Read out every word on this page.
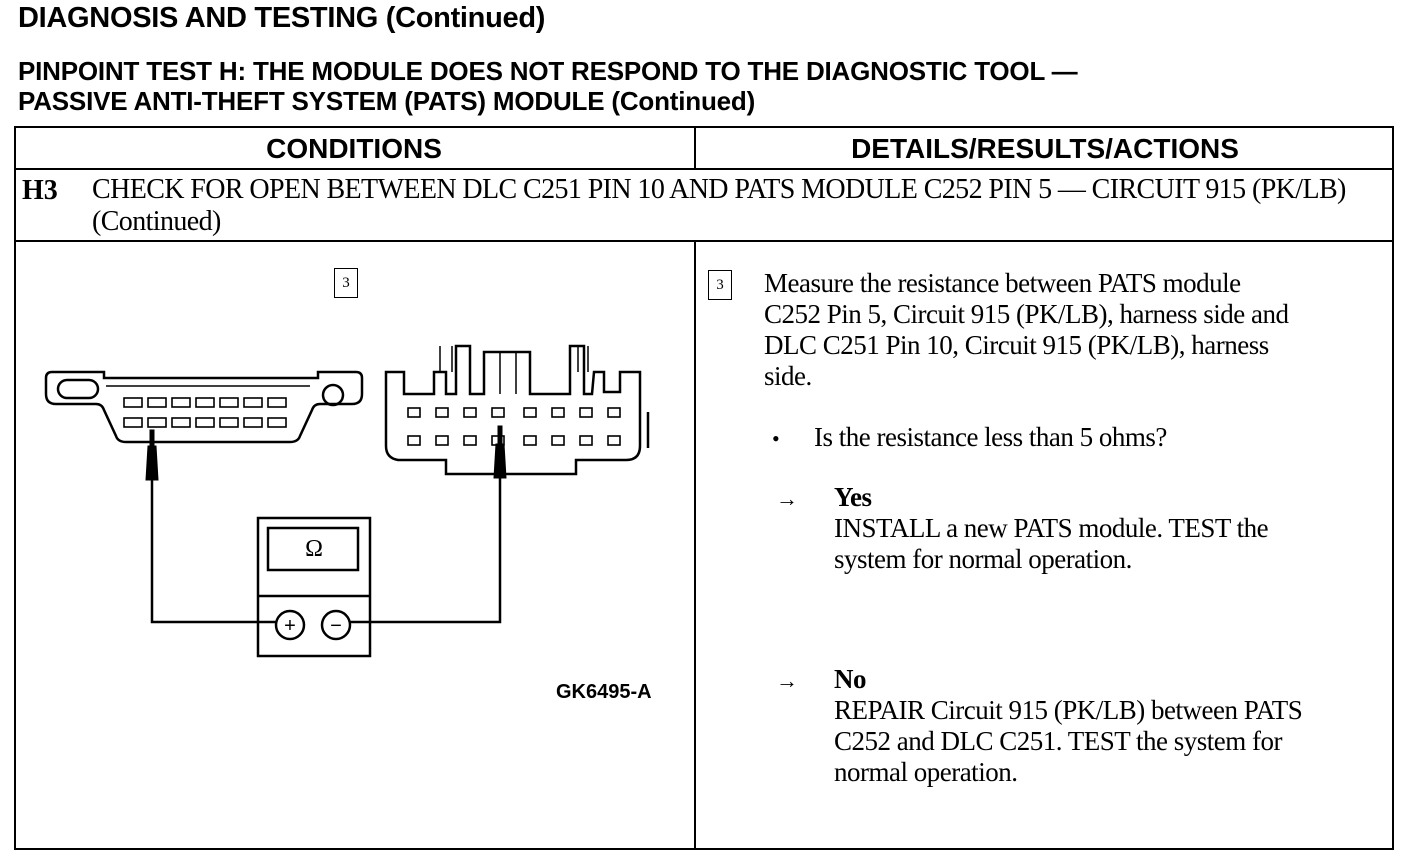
DIAGNOSIS AND TESTING (Continued)
PINPOINT TEST H: THE MODULE DOES NOT RESPOND TO THE DIAGNOSTIC TOOL —
PASSIVE ANTI-THEFT SYSTEM (PATS) MODULE (Continued)
CONDITIONS	DETAILS/RESULTS/ACTIONS
H3 CHECK FOR OPEN BETWEEN DLC C251 PIN 10 AND PATS MODULE C252 PIN 5 — CIRCUIT 915 (PK/LB) (Continued)
3
Ω
+ −
GK6495-A
3	Measure the resistance between PATS module
C252 Pin 5, Circuit 915 (PK/LB), harness side and
DLC C251 Pin 10, Circuit 915 (PK/LB), harness
side.
• Is the resistance less than 5 ohms?
→ Yes
INSTALL a new PATS module. TEST the
system for normal operation.
→ No
REPAIR Circuit 915 (PK/LB) between PATS
C252 and DLC C251. TEST the system for
normal operation.
